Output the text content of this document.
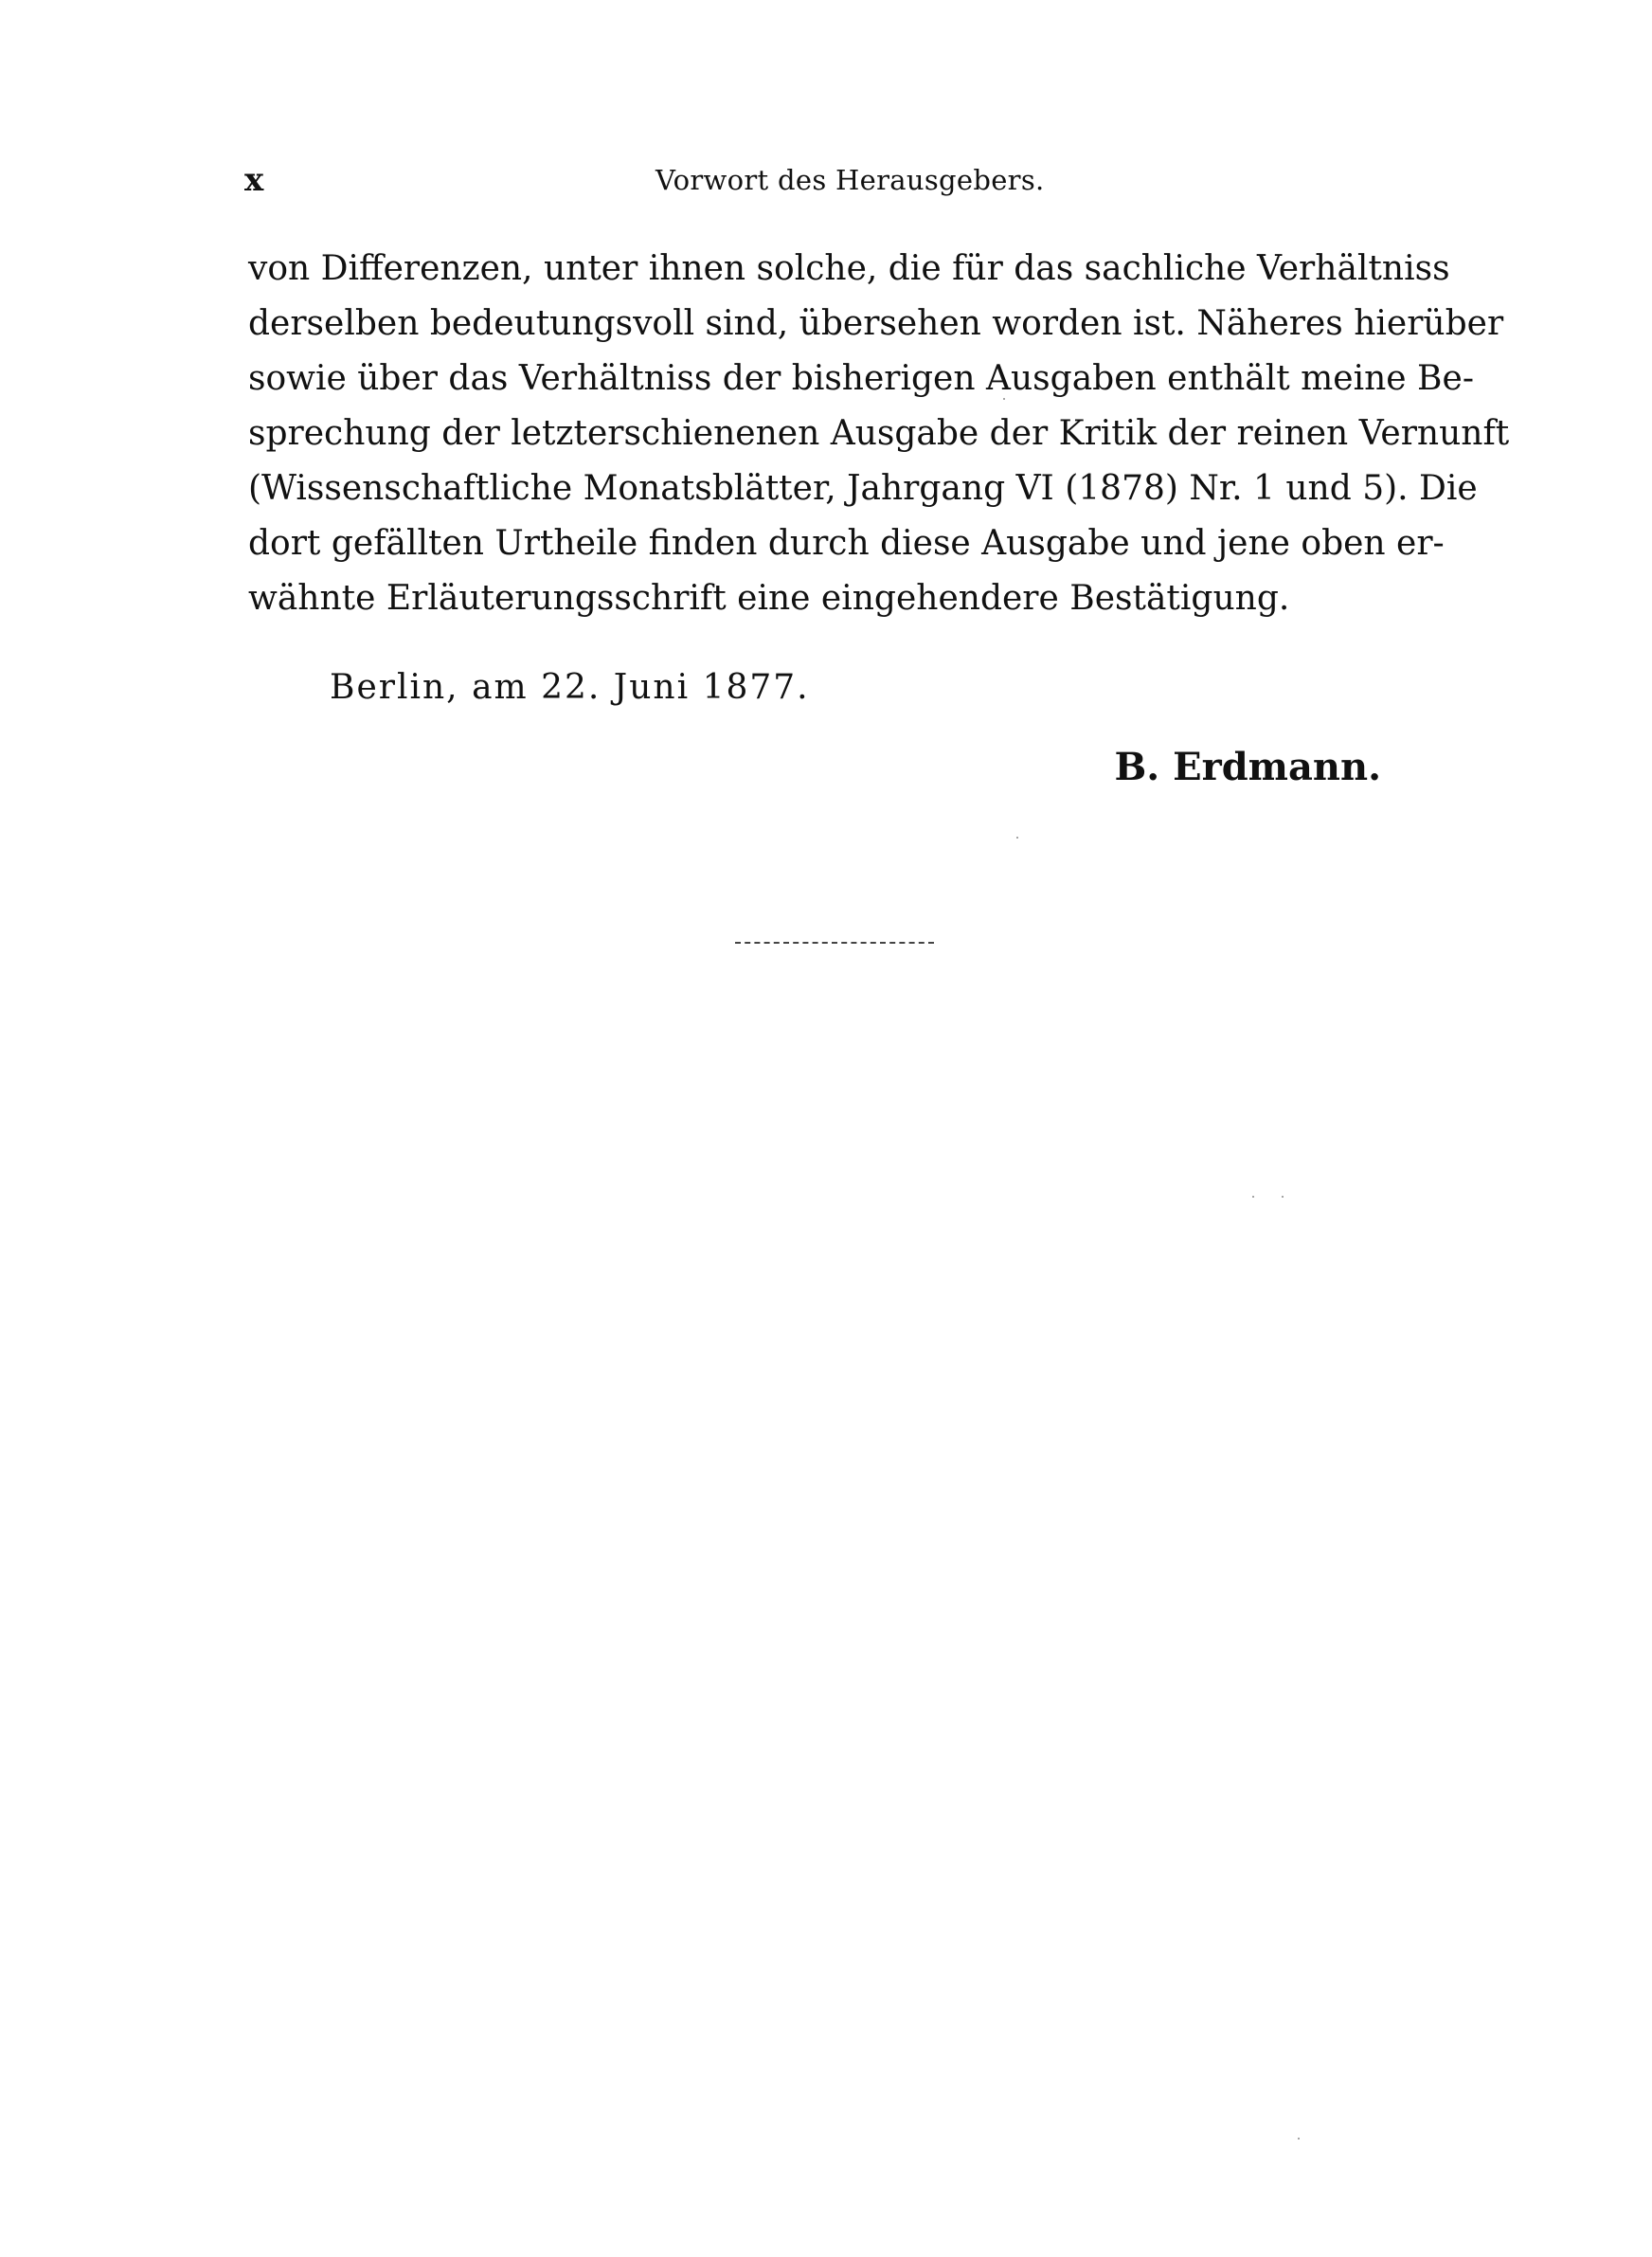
x	Vorwort des Herausgebers.
von Differenzen, unter ihnen solche, die für das sachliche Verhältniss
derselben bedeutungsvoll sind, übersehen worden ist. Näheres hierüber
sowie über das Verhältniss der bisherigen Ausgaben enthält meine Be-
sprechung der letzterschienenen Ausgabe der Kritik der reinen Vernunft
(Wissenschaftliche Monatsblätter, Jahrgang VI (1878) Nr. 1 und 5). Die
dort gefällten Urtheile finden durch diese Ausgabe und jene oben er-
wähnte Erläuterungsschrift eine eingehendere Bestätigung.
Berlin, am 22. Juni 1877.
B. Erdmann.
